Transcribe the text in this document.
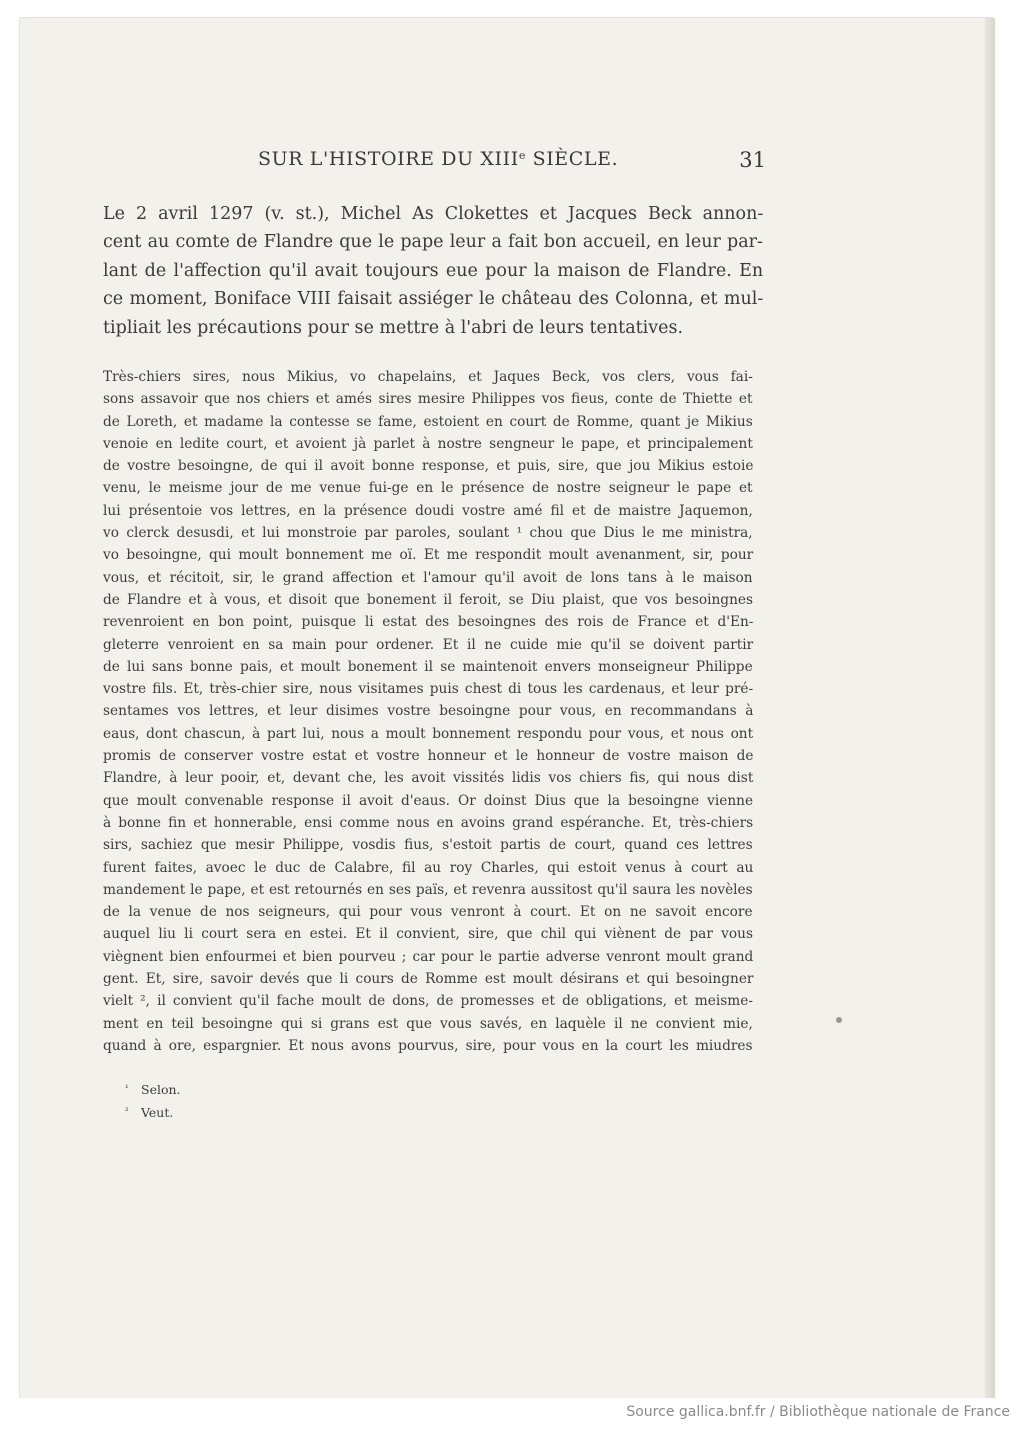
SUR L'HISTOIRE DU XIIIe SIÈCLE.	31
Le 2 avril 1297 (v. st.), Michel As Clokettes et Jacques Beck annon-
cent au comte de Flandre que le pape leur a fait bon accueil, en leur par-
lant de l'affection qu'il avait toujours eue pour la maison de Flandre. En
ce moment, Boniface VIII faisait assiéger le château des Colonna, et mul-
tipliait les précautions pour se mettre à l'abri de leurs tentatives.
Très-chiers sires, nous Mikius, vo chapelains, et Jaques Beck, vos clers, vous fai-
sons assavoir que nos chiers et amés sires mesire Philippes vos fieus, conte de Thiette et
de Loreth, et madame la contesse se fame, estoient en court de Romme, quant je Mikius
venoie en ledite court, et avoient jà parlet à nostre sengneur le pape, et principalement
de vostre besoingne, de qui il avoit bonne response, et puis, sire, que jou Mikius estoie
venu, le meisme jour de me venue fui-ge en le présence de nostre seigneur le pape et
lui présentoie vos lettres, en la présence doudi vostre amé fil et de maistre Jaquemon,
vo clerck desusdi, et lui monstroie par paroles, soulant ¹ chou que Dius le me ministra,
vo besoingne, qui moult bonnement me oï. Et me respondit moult avenanment, sir, pour
vous, et récitoit, sir, le grand affection et l'amour qu'il avoit de lons tans à le maison
de Flandre et à vous, et disoit que bonement il feroit, se Diu plaist, que vos besoingnes
revenroient en bon point, puisque li estat des besoingnes des rois de France et d'En-
gleterre venroient en sa main pour ordener. Et il ne cuide mie qu'il se doivent partir
de lui sans bonne pais, et moult bonement il se maintenoit envers monseigneur Philippe
vostre fils. Et, très-chier sire, nous visitames puis chest di tous les cardenaus, et leur pré-
sentames vos lettres, et leur disimes vostre besoingne pour vous, en recommandans à
eaus, dont chascun, à part lui, nous a moult bonnement respondu pour vous, et nous ont
promis de conserver vostre estat et vostre honneur et le honneur de vostre maison de
Flandre, à leur pooir, et, devant che, les avoit vissités lidis vos chiers fis, qui nous dist
que moult convenable response il avoit d'eaus. Or doinst Dius que la besoingne vienne
à bonne fin et honnerable, ensi comme nous en avoins grand espéranche. Et, très-chiers
sirs, sachiez que mesir Philippe, vosdis fius, s'estoit partis de court, quand ces lettres
furent faites, avoec le duc de Calabre, fil au roy Charles, qui estoit venus à court au
mandement le pape, et est retournés en ses païs, et revenra aussitost qu'il saura les novèles
de la venue de nos seigneurs, qui pour vous venront à court. Et on ne savoit encore
auquel liu li court sera en estei. Et il convient, sire, que chil qui viènent de par vous
viègnent bien enfourmei et bien pourveu ; car pour le partie adverse venront moult grand
gent. Et, sire, savoir devés que li cours de Romme est moult désirans et qui besoingner
vielt ², il convient qu'il fache moult de dons, de promesses et de obligations, et meisme-
ment en teil besoingne qui si grans est que vous savés, en laquèle il ne convient mie,
quand à ore, espargnier. Et nous avons pourvus, sire, pour vous en la court les miudres
¹ Selon.
² Veut.
Source gallica.bnf.fr / Bibliothèque nationale de France
